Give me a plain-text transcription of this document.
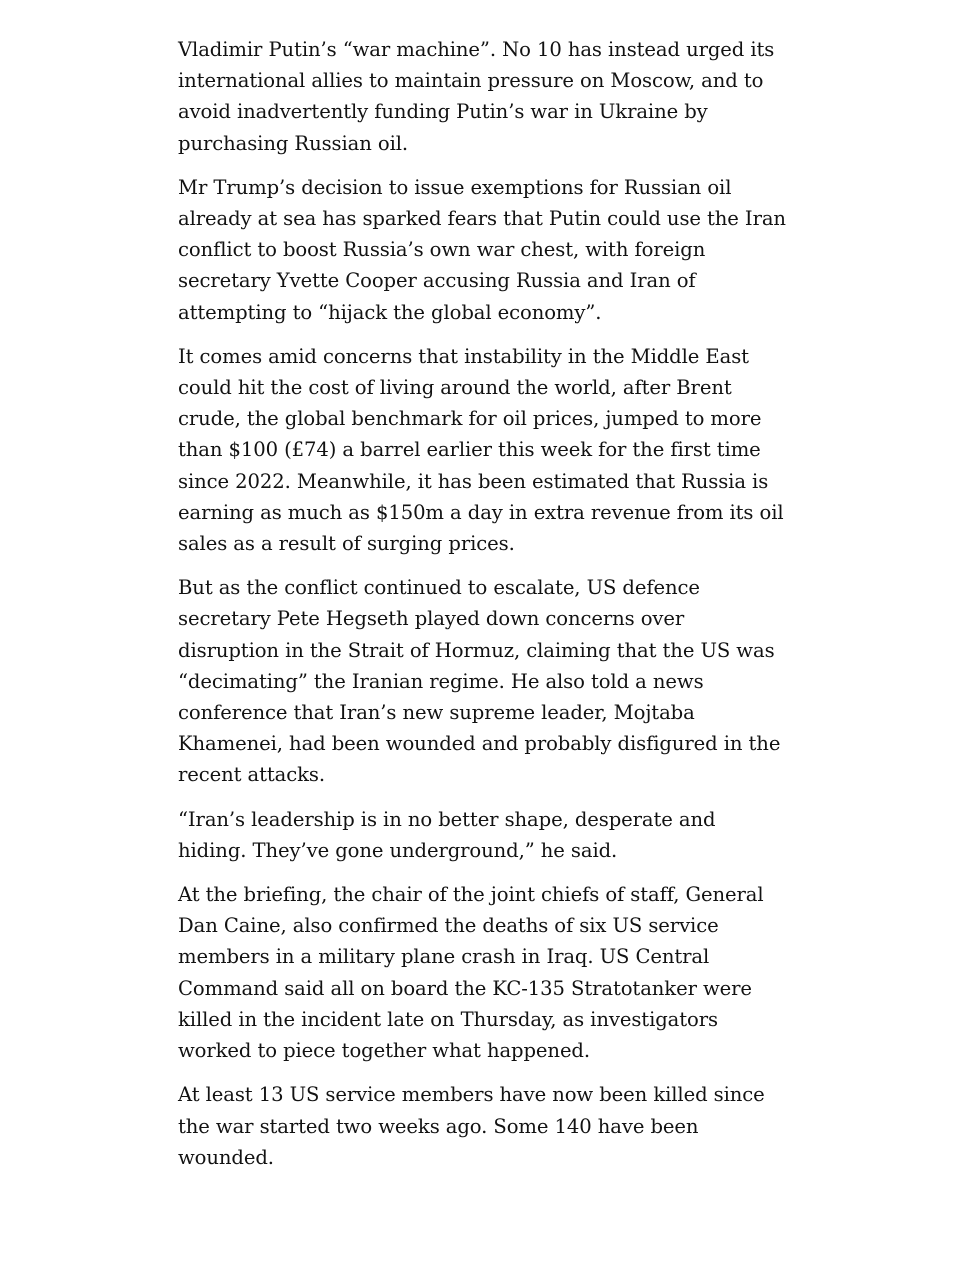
Vladimir Putin’s “war machine”. No 10 has instead urged its international allies to maintain pressure on Moscow, and to avoid inadvertently funding Putin’s war in Ukraine by purchasing Russian oil.

Mr Trump’s decision to issue exemptions for Russian oil already at sea has sparked fears that Putin could use the Iran conflict to boost Russia’s own war chest, with foreign secretary Yvette Cooper accusing Russia and Iran of attempting to “hijack the global economy”.

It comes amid concerns that instability in the Middle East could hit the cost of living around the world, after Brent crude, the global benchmark for oil prices, jumped to more than $100 (£74) a barrel earlier this week for the first time since 2022. Meanwhile, it has been estimated that Russia is earning as much as $150m a day in extra revenue from its oil sales as a result of surging prices.

But as the conflict continued to escalate, US defence secretary Pete Hegseth played down concerns over disruption in the Strait of Hormuz, claiming that the US was “decimating” the Iranian regime. He also told a news conference that Iran’s new supreme leader, Mojtaba Khamenei, had been wounded and probably disfigured in the recent attacks.

“Iran’s leadership is in no better shape, desperate and hiding. They’ve gone underground,” he said.

At the briefing, the chair of the joint chiefs of staff, General Dan Caine, also confirmed the deaths of six US service members in a military plane crash in Iraq. US Central Command said all on board the KC-135 Stratotanker were killed in the incident late on Thursday, as investigators worked to piece together what happened.

At least 13 US service members have now been killed since the war started two weeks ago. Some 140 have been wounded.
